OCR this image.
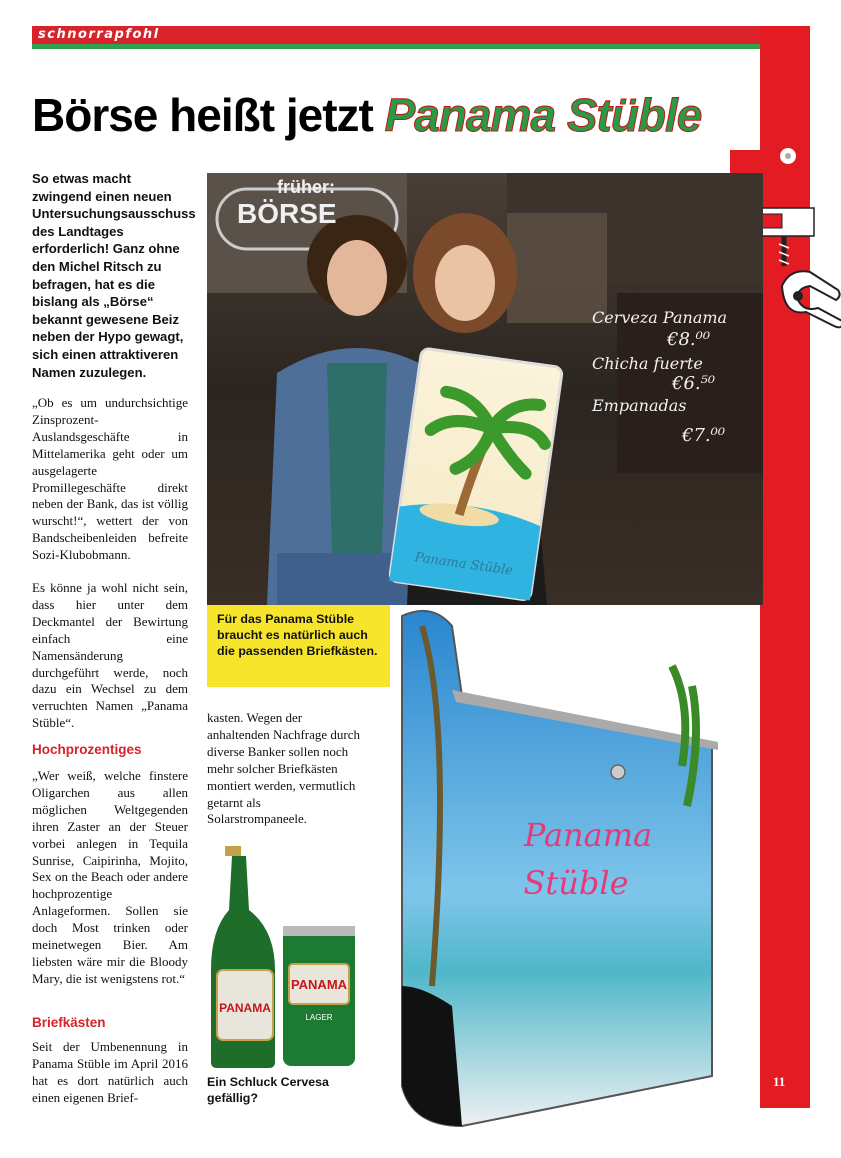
schnorrapfohl
Börse heißt jetzt Panama Stüble
So etwas macht zwingend einen neuen Untersuchungsausschuss des Landtages erforderlich! Ganz ohne den Michel Ritsch zu befragen, hat es die bislang als „Börse“ bekannt gewesene Beiz neben der Hypo gewagt, sich einen attraktiveren Namen zuzulegen.
„Ob es um undurchsichtige Zinsprozent-Auslandsgeschäfte in Mittelamerika geht oder um ausgelagerte Promillegeschäfte direkt neben der Bank, das ist völlig wurscht!“, wettert der von Bandscheibenleiden befreite Sozi-Klubobmann.
Es könne ja wohl nicht sein, dass hier unter dem Deckmantel der Bewirtung einfach eine Namensänderung durchgeführt werde, noch dazu ein Wechsel zu dem verruchten Namen „Panama Stüble“.
Hochprozentiges
„Wer weiß, welche finstere Oligarchen aus allen möglichen Weltgegenden ihren Zaster an der Steuer vorbei anlegen in Tequila Sunrise, Caipirinha, Mojito, Sex on the Beach oder andere hochprozentige Anlageformen. Sollen sie doch Most trinken oder meinetwegen Bier. Am liebsten wäre mir die Bloody Mary, die ist wenigstens rot.“
Briefkästen
Seit der Umbenennung in Panama Stüble im April 2016 hat es dort natürlich auch einen eigenen Brief-
kasten. Wegen der anhaltenden Nachfrage durch diverse Banker sollen noch mehr solcher Briefkästen montiert werden, vermutlich getarnt als Solarstrompaneele.
Panama Stüble
früher:
BÖRSE
Cerveza Panama
€8.⁰⁰
Chicha fuerte
€6.⁵⁰
Empanadas
€7.⁰⁰
Für das Panama Stüble braucht es natürlich auch die passenden Briefkästen.
PANAMA
PANAMA
LAGER
Ein Schluck Cervesa gefällig?
Panama
Stüble
11
